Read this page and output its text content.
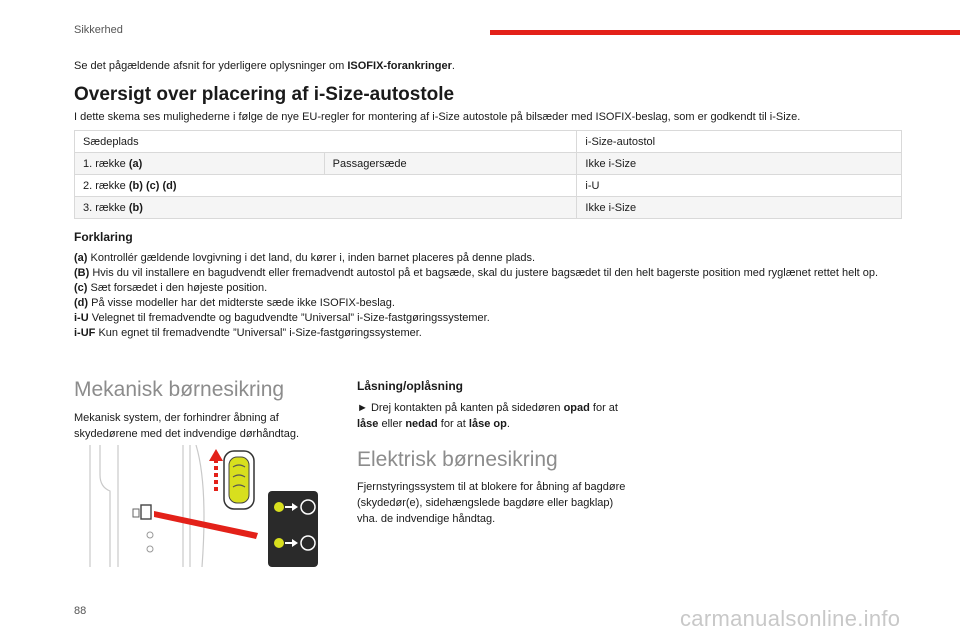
Sikkerhed

Se det pågældende afsnit for yderligere oplysninger om ISOFIX-forankringer.

Oversigt over placering af i-Size-autostole

I dette skema ses mulighederne i følge de nye EU-regler for montering af i-Size autostole på bilsæder med ISOFIX-beslag, som er godkendt til i-Size.

Sædeplads		i-Size-autostol
1. række (a)	Passagersæde	Ikke i-Size
2. række (b) (c) (d)		i-U
3. række (b)		Ikke i-Size
Forklaring
(a) Kontrollér gældende lovgivning i det land, du kører i, inden barnet placeres på denne plads.
(B) Hvis du vil installere en bagudvendt eller fremadvendt autostol på et bagsæde, skal du justere bagsædet til den helt bagerste position med ryglænet rettet helt op.
(c) Sæt forsædet i den højeste position.
(d) På visse modeller har det midterste sæde ikke ISOFIX-beslag.
i-U Velegnet til fremadvendte og bagudvendte ”Universal” i-Size-fastgøringssystemer.
i-UF Kun egnet til fremadvendte ”Universal” i-Size-fastgøringssystemer.
Mekanisk børnesikring

Mekanisk system, der forhindrer åbning af skydedørene med det indvendige dørhåndtag.

Låsning/oplåsning

► Drej kontakten på kanten på sidedøren opad for at låse eller nedad for at låse op.

Elektrisk børnesikring

Fjernstyringssystem til at blokere for åbning af bagdøre (skydedør(e), sidehængslede bagdøre eller bagklap) vha. de indvendige håndtag.

88	carmanualsonline.info
